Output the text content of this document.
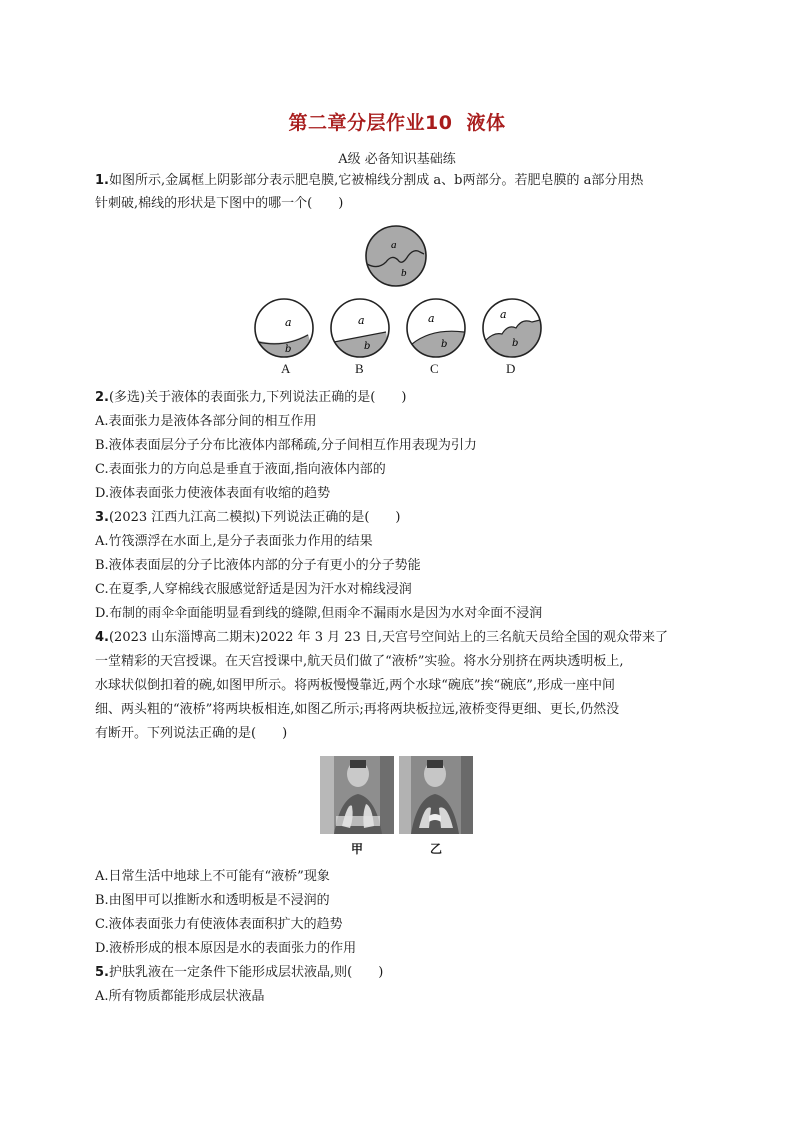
第二章分层作业10 液体
A级 必备知识基础练
1.如图所示,金属框上阴影部分表示肥皂膜,它被棉线分割成 a、b两部分。若肥皂膜的 a部分用热
针刺破,棉线的形状是下图中的哪一个(　　)
a
b
a
b
A
a
b
B
a
b
C
a
b
D
2.(多选)关于液体的表面张力,下列说法正确的是(　　)
A.表面张力是液体各部分间的相互作用
B.液体表面层分子分布比液体内部稀疏,分子间相互作用表现为引力
C.表面张力的方向总是垂直于液面,指向液体内部的
D.液体表面张力使液体表面有收缩的趋势
3.(2023 江西九江高二模拟)下列说法正确的是(　　)
A.竹筏漂浮在水面上,是分子表面张力作用的结果
B.液体表面层的分子比液体内部的分子有更小的分子势能
C.在夏季,人穿棉线衣服感觉舒适是因为汗水对棉线浸润
D.布制的雨伞伞面能明显看到线的缝隙,但雨伞不漏雨水是因为水对伞面不浸润
4.(2023 山东淄博高二期末)2022 年 3 月 23 日,天宫号空间站上的三名航天员给全国的观众带来了
一堂精彩的天宫授课。在天宫授课中,航天员们做了“液桥”实验。将水分别挤在两块透明板上,
水球状似倒扣着的碗,如图甲所示。将两板慢慢靠近,两个水球“碗底”挨“碗底”,形成一座中间
细、两头粗的“液桥”将两块板相连,如图乙所示;再将两块板拉远,液桥变得更细、更长,仍然没
有断开。下列说法正确的是(　　)
甲	乙
A.日常生活中地球上不可能有“液桥”现象
B.由图甲可以推断水和透明板是不浸润的
C.液体表面张力有使液体表面积扩大的趋势
D.液桥形成的根本原因是水的表面张力的作用
5.护肤乳液在一定条件下能形成层状液晶,则(　　)
A.所有物质都能形成层状液晶
